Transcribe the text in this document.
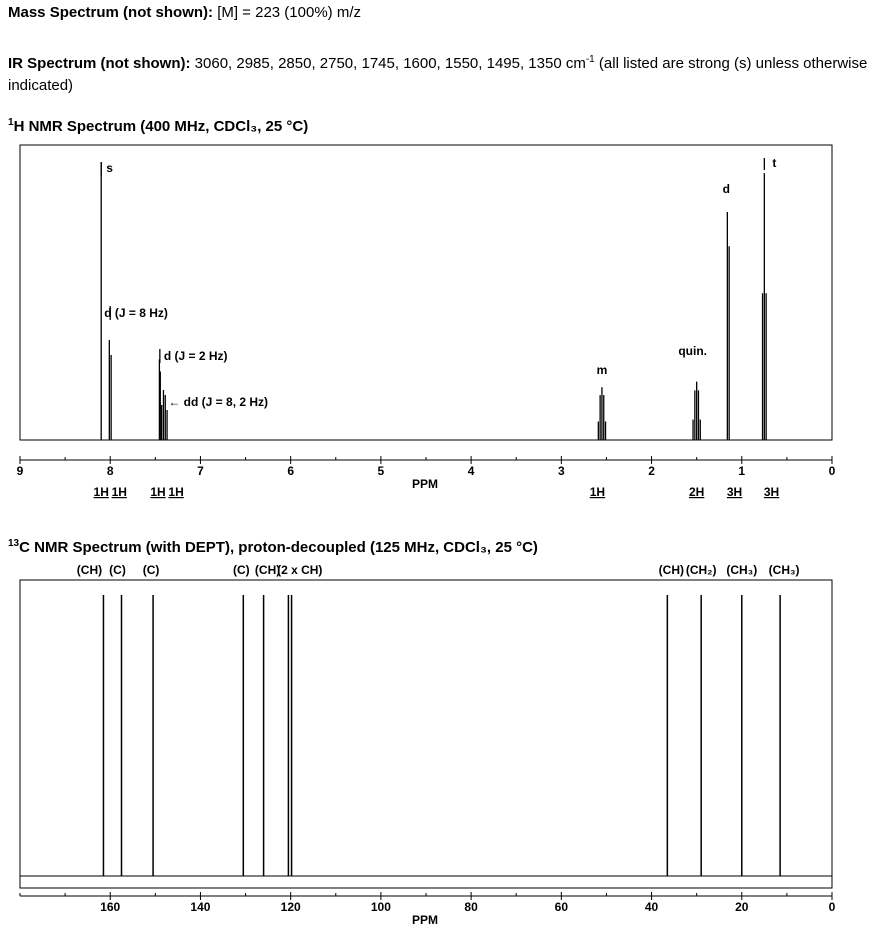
Mass Spectrum (not shown): [M] = 223 (100%) m/z
IR Spectrum (not shown): 3060, 2985, 2850, 2750, 1745, 1600, 1550, 1495, 1350 $cm^{-1}$ (all listed are strong (s) unless otherwise indicated)
$^1$H NMR Spectrum (400 MHz, CDCl₃, 25 °C)
s
d (J = 8 Hz)
d (J = 2 Hz)
← dd (J = 8, 2 Hz)
m
quin.
d
t
9	8	7	6	5	4	3	2	1	0
PPM
1H 1H 1H 1H	1H	2H 3H 3H
$^{13}$C NMR Spectrum (with DEPT), proton-decoupled (125 MHz, CDCl₃, 25 °C)
(CH) (C) (C)	(C) (CH)
(2 x CH)	(CH) (CH₂) (CH₃) (CH₃)
160	140	120	100	80	60	40	20	0
PPM
